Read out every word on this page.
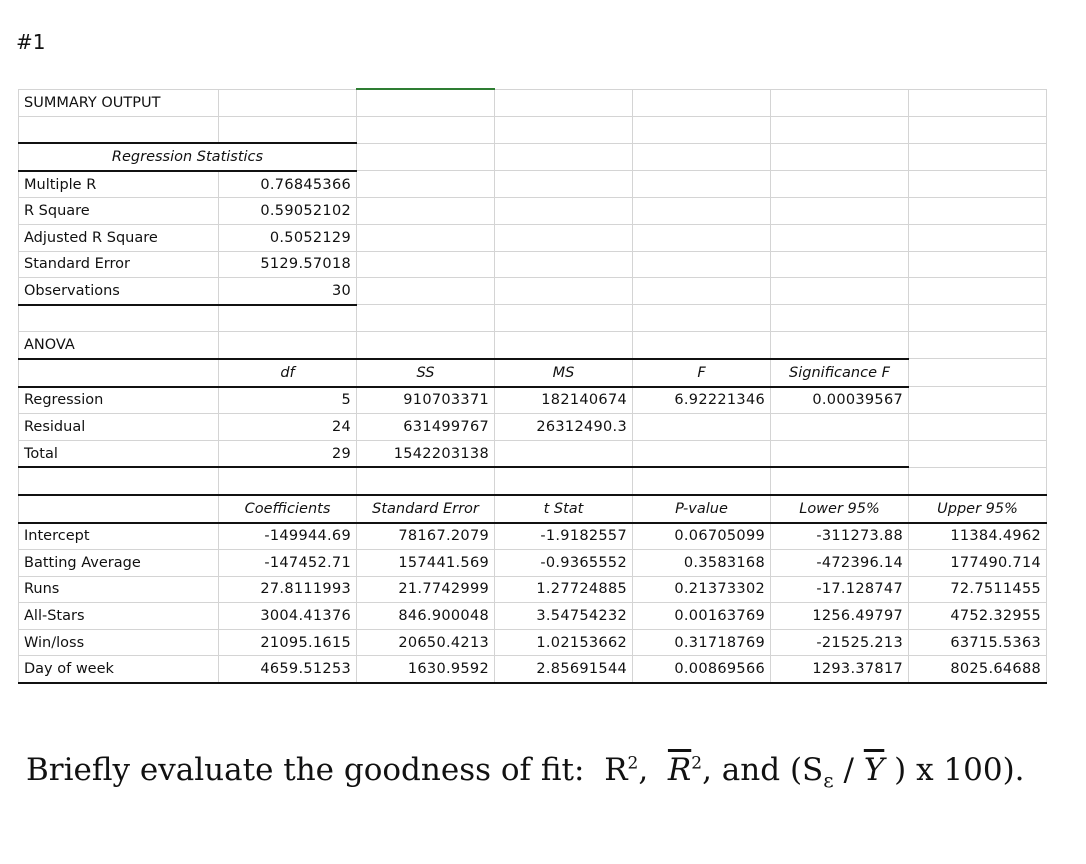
#1
SUMMARY OUTPUT						

Regression Statistics						
Multiple R	0.76845366					
R Square	0.59052102					
Adjusted R Square	0.5052129					
Standard Error	5129.57018					
Observations	30					

ANOVA						
	df	SS	MS	F	Significance F	
Regression	5	910703371	182140674	6.92221346	0.00039567	
Residual	24	631499767	26312490.3			
Total	29	1542203138				

	Coefficients	Standard Error	t Stat	P-value	Lower 95%	Upper 95%
Intercept	-149944.69	78167.2079	-1.9182557	0.06705099	-311273.88	11384.4962
Batting Average	-147452.71	157441.569	-0.9365552	0.3583168	-472396.14	177490.714
Runs	27.8111993	21.7742999	1.27724885	0.21373302	-17.128747	72.7511455
All-Stars	3004.41376	846.900048	3.54754232	0.00163769	1256.49797	4752.32955
Win/loss	21095.1615	20650.4213	1.02153662	0.31718769	-21525.213	63715.5363
Day of week	4659.51253	1630.9592	2.85691544	0.00869566	1293.37817	8025.64688
Briefly evaluate the goodness of fit: $R^2$,  $\overline{R}^2$, and ($S_\varepsilon / \overline{Y}$ ) x 100).
